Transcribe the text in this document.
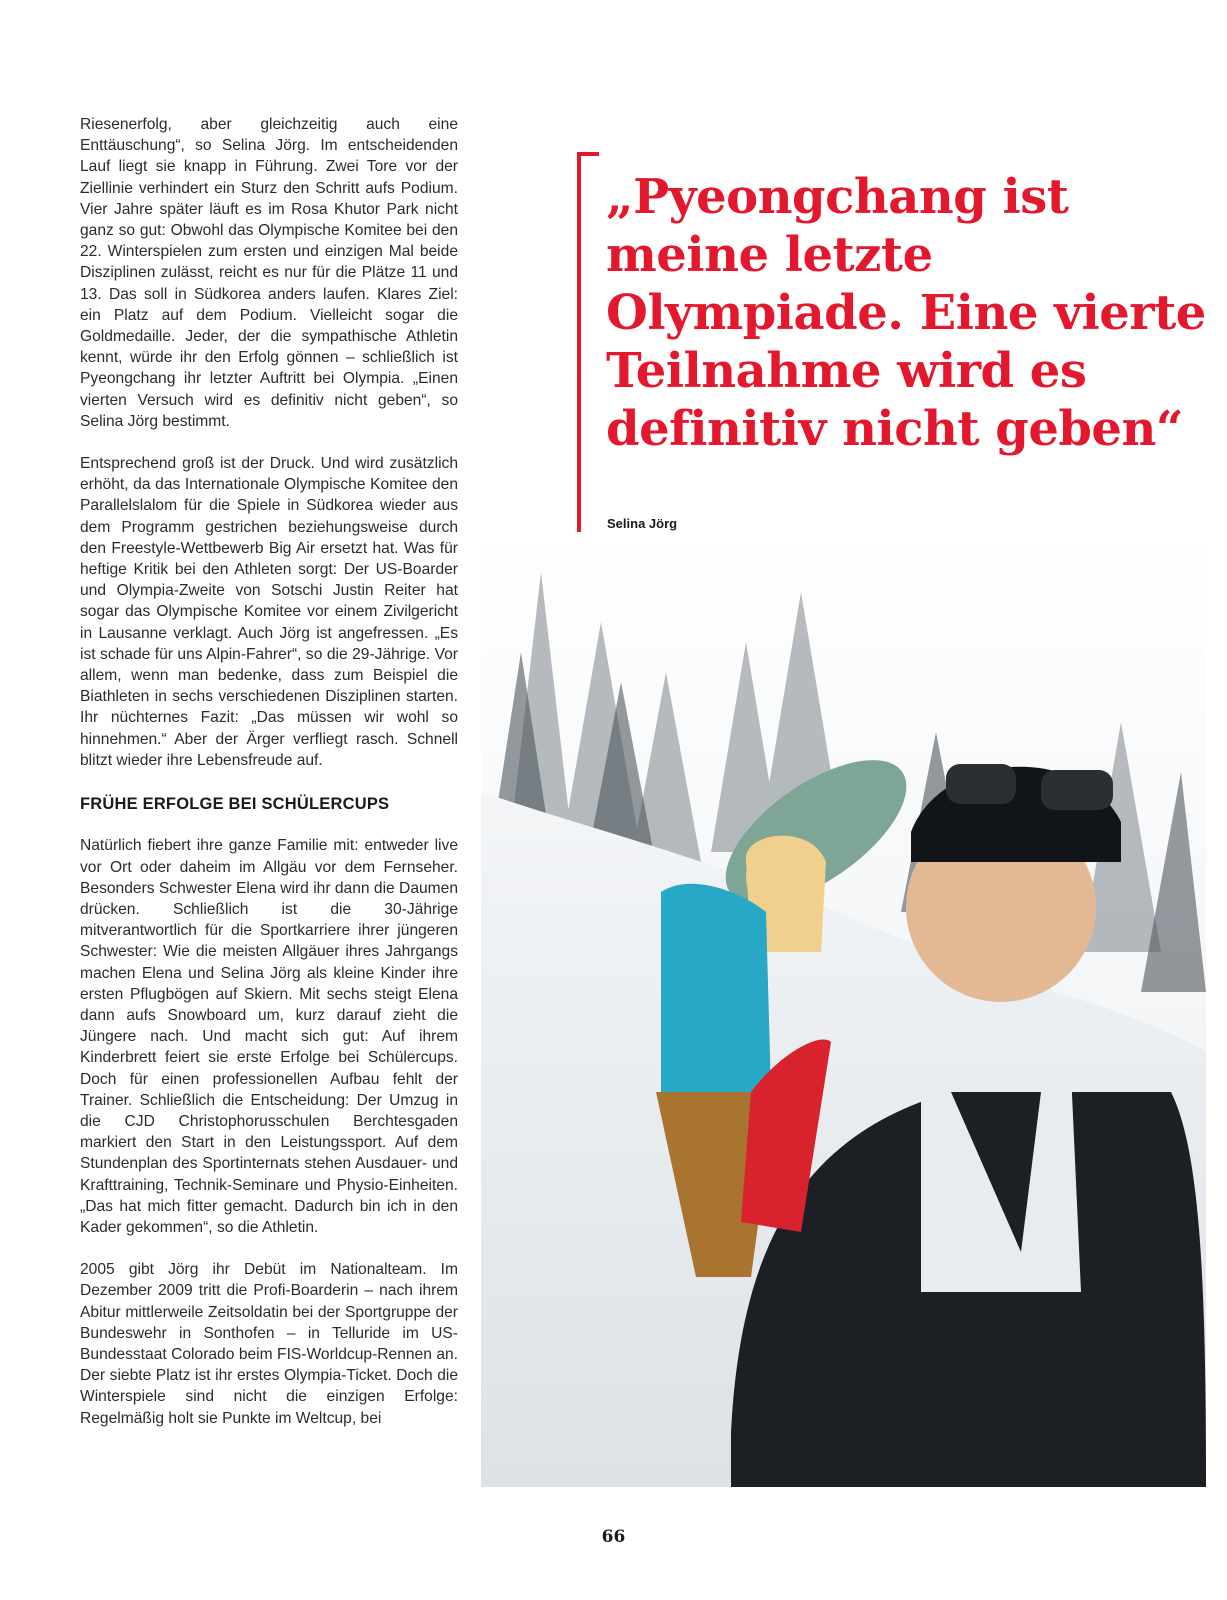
Riesenerfolg, aber gleichzeitig auch eine Enttäuschung“, so Selina Jörg. Im entscheidenden Lauf liegt sie knapp in Führung. Zwei Tore vor der Ziellinie verhindert ein Sturz den Schritt aufs Podium. Vier Jahre später läuft es im Rosa Khutor Park nicht ganz so gut: Obwohl das Olympische Komitee bei den 22. Winterspielen zum ersten und einzigen Mal beide Disziplinen zulässt, reicht es nur für die Plätze 11 und 13. Das soll in Südkorea anders laufen. Klares Ziel: ein Platz auf dem Podium. Vielleicht sogar die Goldmedaille. Jeder, der die sympathische Athletin kennt, würde ihr den Erfolg gönnen – schließlich ist Pyeongchang ihr letzter Auftritt bei Olympia. „Einen vierten Versuch wird es definitiv nicht geben“, so Selina Jörg bestimmt.

Entsprechend groß ist der Druck. Und wird zusätzlich erhöht, da das Internationale Olympische Komitee den Parallelslalom für die Spiele in Südkorea wieder aus dem Programm gestrichen beziehungsweise durch den Freestyle-Wettbewerb Big Air ersetzt hat. Was für heftige Kritik bei den Athleten sorgt: Der US-Boarder und Olympia-Zweite von Sotschi Justin Reiter hat sogar das Olympische Komitee vor einem Zivilgericht in Lausanne verklagt. Auch Jörg ist angefressen. „Es ist schade für uns Alpin-Fahrer“, so die 29-Jährige. Vor allem, wenn man bedenke, dass zum Beispiel die Biathleten in sechs verschiedenen Disziplinen starten. Ihr nüchternes Fazit: „Das müssen wir wohl so hinnehmen.“ Aber der Ärger verfliegt rasch. Schnell blitzt wieder ihre Lebensfreude auf.

FRÜHE ERFOLGE BEI SCHÜLERCUPS

Natürlich fiebert ihre ganze Familie mit: entweder live vor Ort oder daheim im Allgäu vor dem Fernseher. Besonders Schwester Elena wird ihr dann die Daumen drücken. Schließlich ist die 30-Jährige mitverantwortlich für die Sportkarriere ihrer jüngeren Schwester: Wie die meisten Allgäuer ihres Jahrgangs machen Elena und Selina Jörg als kleine Kinder ihre ersten Pflugbögen auf Skiern. Mit sechs steigt Elena dann aufs Snowboard um, kurz darauf zieht die Jüngere nach. Und macht sich gut: Auf ihrem Kinderbrett feiert sie erste Erfolge bei Schülercups. Doch für einen professionellen Aufbau fehlt der Trainer. Schließlich die Entscheidung: Der Umzug in die CJD Christophorusschulen Berchtesgaden markiert den Start in den Leistungssport. Auf dem Stundenplan des Sportinternats stehen Ausdauer- und Krafttraining, Technik-Seminare und Physio-Einheiten. „Das hat mich fitter gemacht. Dadurch bin ich in den Kader gekommen“, so die Athletin.

2005 gibt Jörg ihr Debüt im Nationalteam. Im Dezember 2009 tritt die Profi-Boarderin – nach ihrem Abitur mittlerweile Zeitsoldatin bei der Sportgruppe der Bundeswehr in Sonthofen – in Telluride im US-Bundesstaat Colorado beim FIS-Worldcup-Rennen an. Der siebte Platz ist ihr erstes Olympia-Ticket. Doch die Winterspiele sind nicht die einzigen Erfolge: Regelmäßig holt sie Punkte im Weltcup, bei

„Pyeongchang ist meine letzte Olympiade. Eine vierte Teilnahme wird es definitiv nicht geben“

Selina Jörg
66
